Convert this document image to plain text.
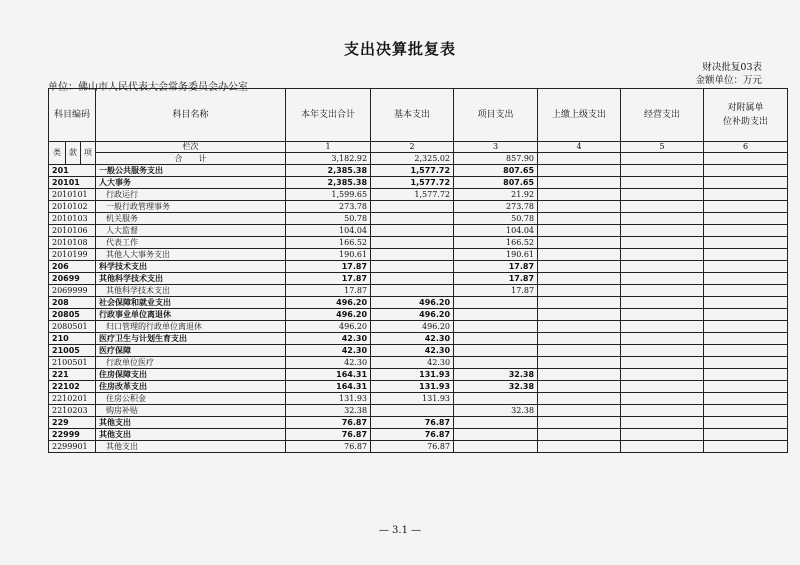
支出决算批复表
财决批复03表
金额单位：万元
单位：佛山市人民代表大会常务委员会办公室
科目编码			科目名称	本年支出合计	基本支出	项目支出	上缴上级支出	经营支出	对附属单
位补助支出

类	款	项	栏次	1	2	3	4	5	6
			合　　计	3,182.92	2,325.02	857.90			
201			一般公共服务支出	2,385.38	1,577.72	807.65			
20101			人大事务	2,385.38	1,577.72	807.65			
2010101			行政运行	1,599.65	1,577.72	21.92			
2010102			一般行政管理事务	273.78		273.78			
2010103			机关服务	50.78		50.78			
2010106			人大监督	104.04		104.04			
2010108			代表工作	166.52		166.52			
2010199			其他人大事务支出	190.61		190.61			
206			科学技术支出	17.87		17.87			
20699			其他科学技术支出	17.87		17.87			
2069999			其他科学技术支出	17.87		17.87			
208			社会保障和就业支出	496.20	496.20				
20805			行政事业单位离退休	496.20	496.20				
2080501			归口管理的行政单位离退休	496.20	496.20				
210			医疗卫生与计划生育支出	42.30	42.30				
21005			医疗保障	42.30	42.30				
2100501			行政单位医疗	42.30	42.30				
221			住房保障支出	164.31	131.93	32.38			
22102			住房改革支出	164.31	131.93	32.38			
2210201			住房公积金	131.93	131.93				
2210203			购房补贴	32.38		32.38			
229			其他支出	76.87	76.87				
22999			其他支出	76.87	76.87				
2299901			其他支出	76.87	76.87				
— 3.1 —
